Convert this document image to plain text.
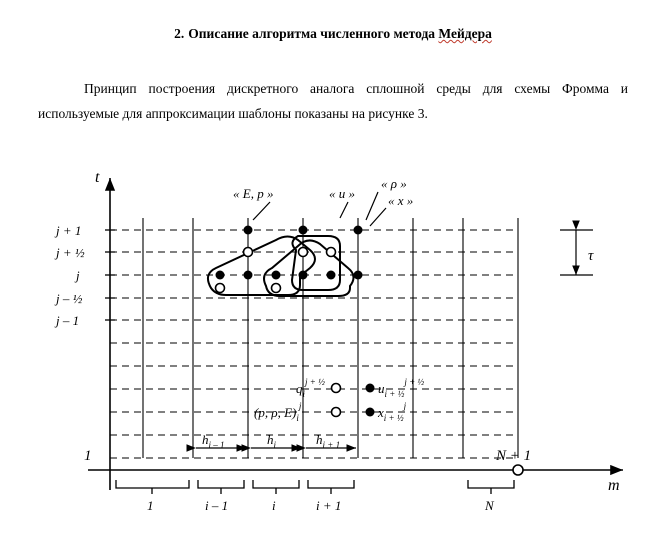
2. Описание алгоритма численного метода Мейдера
Принцип построения дискретного аналога сплошной среды для схемы Фромма и используемые для аппроксимации шаблоны показаны на рисунке 3.
t
m
j + 1
j + ½
j
j – ½
j – 1
1
τ
« E, p »	« u »
« ρ »
« x »
$q_i^{j + \frac{1}{2}}$	$u_{i + \frac{1}{2}}^{j + \frac{1}{2}}$
(p, ρ, $E)_i^j$	$x_{i + \frac{1}{2}}^j$
$h_{i - 1}$	$h_i$	$h_{i + 1}$
N + 1
1	i – 1	i	i + 1	N
